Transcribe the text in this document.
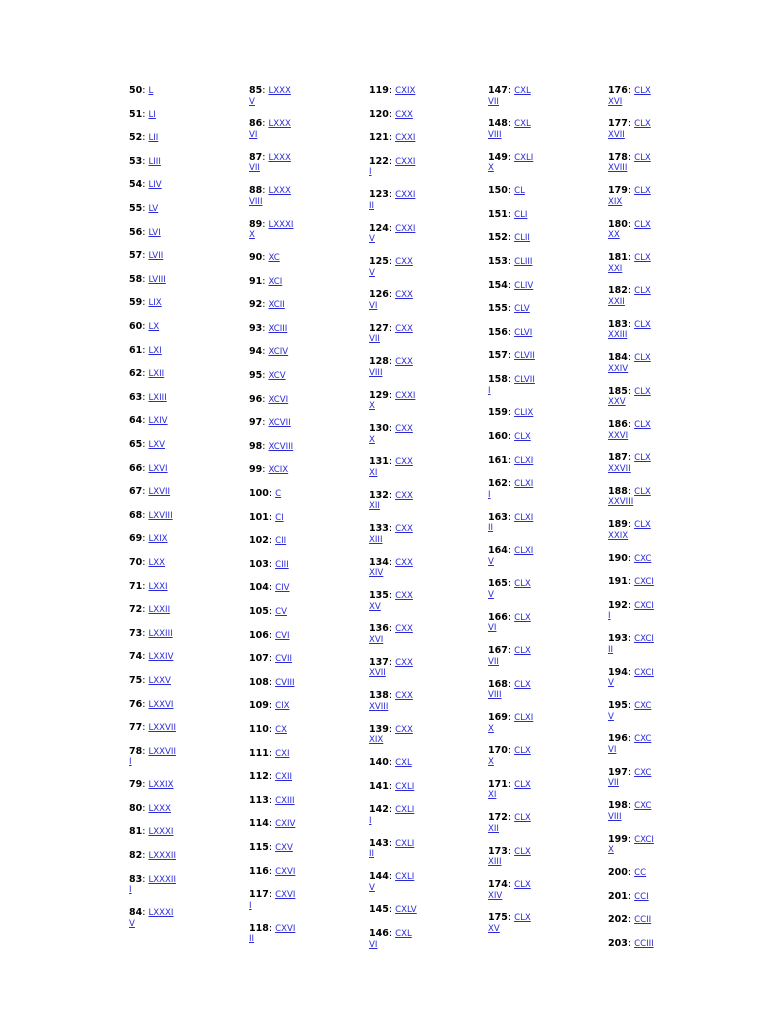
50: L
51: LI
52: LII
53: LIII
54: LIV
55: LV
56: LVI
57: LVII
58: LVIII
59: LIX
60: LX
61: LXI
62: LXII
63: LXIII
64: LXIV
65: LXV
66: LXVI
67: LXVII
68: LXVIII
69: LXIX
70: LXX
71: LXXI
72: LXXII
73: LXXIII
74: LXXIV
75: LXXV
76: LXXVI
77: LXXVII
78: LXXVII
I
79: LXXIX
80: LXXX
81: LXXXI
82: LXXXII
83: LXXXII
I
84: LXXXI
V
85: LXXX
V
86: LXXX
VI
87: LXXX
VII
88: LXXX
VIII
89: LXXXI
X
90: XC
91: XCI
92: XCII
93: XCIII
94: XCIV
95: XCV
96: XCVI
97: XCVII
98: XCVIII
99: XCIX
100: C
101: CI
102: CII
103: CIII
104: CIV
105: CV
106: CVI
107: CVII
108: CVIII
109: CIX
110: CX
111: CXI
112: CXII
113: CXIII
114: CXIV
115: CXV
116: CXVI
117: CXVI
I
118: CXVI
II
119: CXIX
120: CXX
121: CXXI
122: CXXI
I
123: CXXI
II
124: CXXI
V
125: CXX
V
126: CXX
VI
127: CXX
VII
128: CXX
VIII
129: CXXI
X
130: CXX
X
131: CXX
XI
132: CXX
XII
133: CXX
XIII
134: CXX
XIV
135: CXX
XV
136: CXX
XVI
137: CXX
XVII
138: CXX
XVIII
139: CXX
XIX
140: CXL
141: CXLI
142: CXLI
I
143: CXLI
II
144: CXLI
V
145: CXLV
146: CXL
VI
147: CXL
VII
148: CXL
VIII
149: CXLI
X
150: CL
151: CLI
152: CLII
153: CLIII
154: CLIV
155: CLV
156: CLVI
157: CLVII
158: CLVII
I
159: CLIX
160: CLX
161: CLXI
162: CLXI
I
163: CLXI
II
164: CLXI
V
165: CLX
V
166: CLX
VI
167: CLX
VII
168: CLX
VIII
169: CLXI
X
170: CLX
X
171: CLX
XI
172: CLX
XII
173: CLX
XIII
174: CLX
XIV
175: CLX
XV
176: CLX
XVI
177: CLX
XVII
178: CLX
XVIII
179: CLX
XIX
180: CLX
XX
181: CLX
XXI
182: CLX
XXII
183: CLX
XXIII
184: CLX
XXIV
185: CLX
XXV
186: CLX
XXVI
187: CLX
XXVII
188: CLX
XXVIII
189: CLX
XXIX
190: CXC
191: CXCI
192: CXCI
I
193: CXCI
II
194: CXCI
V
195: CXC
V
196: CXC
VI
197: CXC
VII
198: CXC
VIII
199: CXCI
X
200: CC
201: CCI
202: CCII
203: CCIII
